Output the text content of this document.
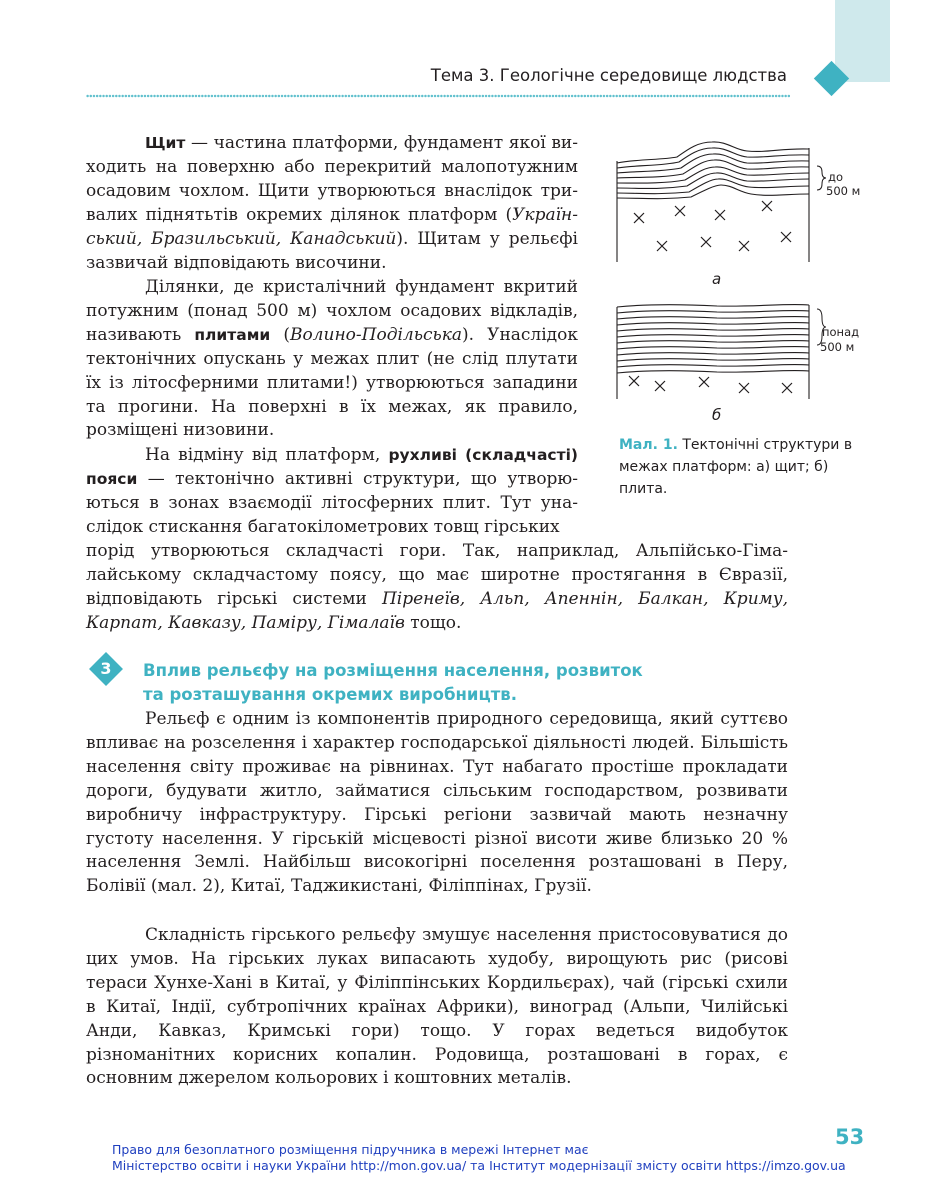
Тема 3. Геологічне середовище людства

Щит — частина платформи, фундамент якої виходить на поверхню або перекритий малопотужним осадовим чохлом. Щити утворюються внаслідок тривалих піднятьтів окремих ділянок платформ (Український, Бразильський, Канадський). Щитам у рельєфі зазвичай відповідають височини.

Ділянки, де кристалічний фундамент вкритий потужним (понад 500 м) чохлом осадових відкладів, називають плитами (Волино-Подільська). Унаслідок тектонічних опускань у межах плит (не слід плутати їх із літосферними плитами!) утворюються западини та прогини. На поверхні в їх межах, як правило, розміщені низовини.

На відміну від платформ, рухливі (складчасті) пояси — тектонічно активні структури, що утворюються в зонах взаємодії літосферних плит. Тут унаслідок стискання багатокілометрових товщ гірських

порід утворюються складчасті гори. Так, наприклад, Альпійсько-Гімалайському складчастому поясу, що має широтне простягання в Євразії, відповідають гірські системи Піренеїв, Альп, Апеннін, Балкан, Криму, Карпат, Кавказу, Паміру, Гімалаїв тощо.

до
500 м
а
понад
500 м
б
Мал. 1. Тектонічні структури в межах платформ: а) щит; б) плита.
3	Вплив рельєфу на розміщення населення, розвиток
та розташування окремих виробництв.

Рельєф є одним із компонентів природного середовища, який суттєво впливає на розселення і характер господарської діяльності людей. Більшість населення світу проживає на рівнинах. Тут набагато простіше прокладати дороги, будувати житло, займатися сільським господарством, розвивати виробничу інфраструктуру. Гірські регіони зазвичай мають незначну густоту населення. У гірській місцевості різної висоти живе близько 20 % населення Землі. Найбільш високогірні поселення розташовані в Перу, Болівії (мал. 2), Китаї, Таджикистані, Філіппінах, Грузії.

Складність гірського рельєфу змушує населення пристосовуватися до цих умов. На гірських луках випасають худобу, вирощують рис (рисові тераси Хунхе-Хані в Китаї, у Філіппінських Кордильєрах), чай (гірські схили в Китаї, Індії, субтропічних країнах Африки), виноград (Альпи, Чилійські Анди, Кавказ, Кримські гори) тощо. У горах ведеться видобуток різноманітних корисних копалин. Родовища, розташовані в горах, є основним джерелом кольорових і коштовних металів.

53
Право для безоплатного розміщення підручника в мережі Інтернет має
Міністерство освіти і науки України http://mon.gov.ua/ та Інститут модернізації змісту освіти https://imzo.gov.ua
